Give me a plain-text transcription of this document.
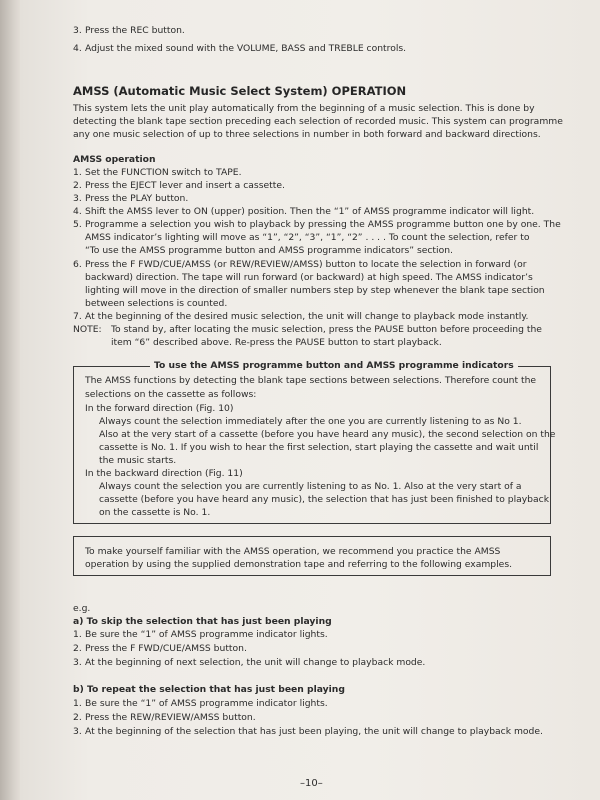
3. Press the REC button.
4. Adjust the mixed sound with the VOLUME, BASS and TREBLE controls.
AMSS (Automatic Music Select System) OPERATION
This system lets the unit play automatically from the beginning of a music selection. This is done by
detecting the blank tape section preceding each selection of recorded music. This system can programme
any one music selection of up to three selections in number in both forward and backward directions.
AMSS operation
1. Set the FUNCTION switch to TAPE.
2. Press the EJECT lever and insert a cassette.
3. Press the PLAY button.
4. Shift the AMSS lever to ON (upper) position. Then the “1” of AMSS programme indicator will light.
5. Programme a selection you wish to playback by pressing the AMSS programme button one by one. The
AMSS indicator’s lighting will move as “1”, “2”, “3”, “1”, “2” . . . . To count the selection, refer to
“To use the AMSS programme button and AMSS programme indicators” section.
6. Press the F FWD/CUE/AMSS (or REW/REVIEW/AMSS) button to locate the selection in forward (or
backward) direction. The tape will run forward (or backward) at high speed. The AMSS indicator’s
lighting will move in the direction of smaller numbers step by step whenever the blank tape section
between selections is counted.
7. At the beginning of the desired music selection, the unit will change to playback mode instantly.
NOTE: To stand by, after locating the music selection, press the PAUSE button before proceeding the
item “6” described above. Re-press the PAUSE button to start playback.
To use the AMSS programme button and AMSS programme indicators
The AMSS functions by detecting the blank tape sections between selections. Therefore count the
selections on the cassette as follows:
In the forward direction (Fig. 10)
Always count the selection immediately after the one you are currently listening to as No 1.
Also at the very start of a cassette (before you have heard any music), the second selection on the
cassette is No. 1. If you wish to hear the first selection, start playing the cassette and wait until
the music starts.
In the backward direction (Fig. 11)
Always count the selection you are currently listening to as No. 1. Also at the very start of a
cassette (before you have heard any music), the selection that has just been finished to playback
on the cassette is No. 1.
To make yourself familiar with the AMSS operation, we recommend you practice the AMSS
operation by using the supplied demonstration tape and referring to the following examples.
e.g.
a) To skip the selection that has just been playing
1. Be sure the “1” of AMSS programme indicator lights.
2. Press the F FWD/CUE/AMSS button.
3. At the beginning of next selection, the unit will change to playback mode.
b) To repeat the selection that has just been playing
1. Be sure the “1” of AMSS programme indicator lights.
2. Press the REW/REVIEW/AMSS button.
3. At the beginning of the selection that has just been playing, the unit will change to playback mode.
–10–
